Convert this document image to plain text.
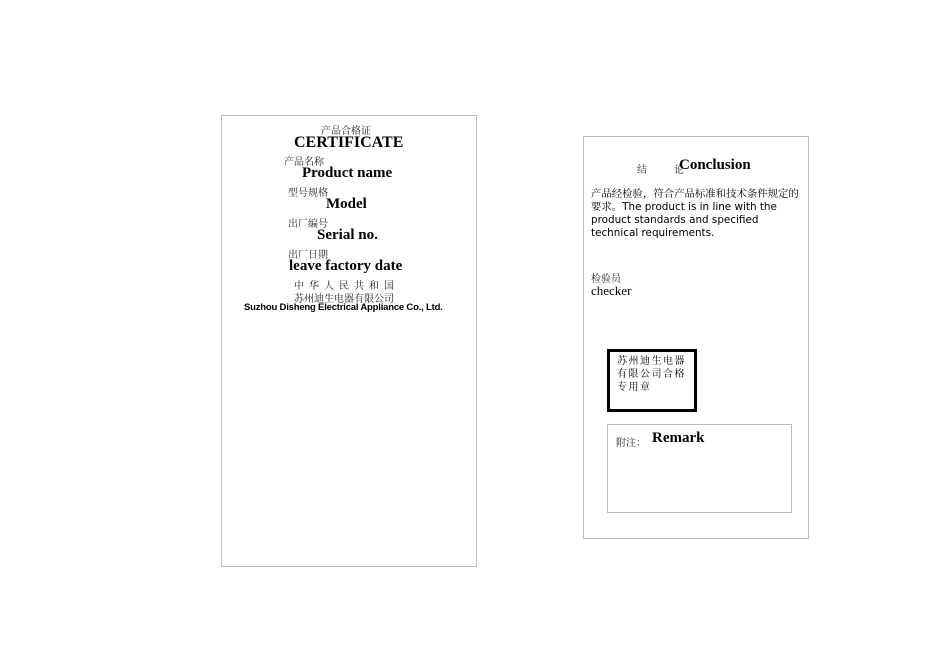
产品合格证
CERTIFICATE
产品名称
Product name
型号规格
Model
出厂编号
Serial no.
出厂日期
leave factory date
中华人民共和国
苏州迪生电器有限公司
Suzhou Disheng Electrical Appliance Co., Ltd.
结 论
Conclusion
产品经检验，符合产品标准和技术条件规定的要求。The product is in line with the product standards and specified technical requirements.
检验员
checker
苏州迪生电器有限公司合格专用章
附注： Remark
